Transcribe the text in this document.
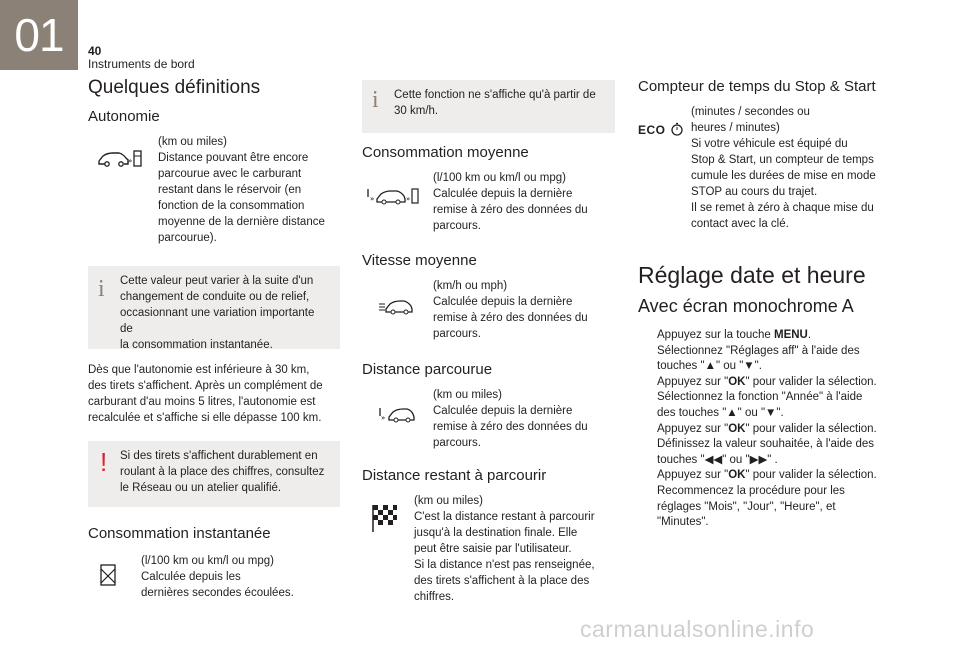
01	40
Instruments de bord
Quelques définitions
Autonomie
»

(km ou miles)
Distance pouvant être encore
parcourue avec le carburant
restant dans le réservoir (en
fonction de la consommation
moyenne de la dernière distance
parcourue).

i Cette valeur peut varier à la suite d'un
changement de conduite ou de relief,
occasionnant une variation importante de
la consommation instantanée.

Dès que l'autonomie est inférieure à 30 km,
des tirets s'affichent. Après un complément de
carburant d'au moins 5 litres, l'autonomie est
recalculée et s'affiche si elle dépasse 100 km.

! Si des tirets s'affichent durablement en
roulant à la place des chiffres, consultez
le Réseau ou un atelier qualifié.

Consommation instantanée

(l/100 km ou km/l ou mpg)
Calculée depuis les
dernières secondes écoulées.

i Cette fonction ne s'affiche qu'à partir de
30 km/h.

Consommation moyenne
»	»

(l/100 km ou km/l ou mpg)
Calculée depuis la dernière
remise à zéro des données du
parcours.

Vitesse moyenne

(km/h ou mph)
Calculée depuis la dernière
remise à zéro des données du
parcours.

Distance parcourue
»

(km ou miles)
Calculée depuis la dernière
remise à zéro des données du
parcours.

Distance restant à parcourir

(km ou miles)
C'est la distance restant à parcourir
jusqu'à la destination finale. Elle
peut être saisie par l'utilisateur.
Si la distance n'est pas renseignée,
des tirets s'affichent à la place des
chiffres.

Compteur de temps du Stop & Start
ECO

(minutes / secondes ou
heures / minutes)
Si votre véhicule est équipé du
Stop & Start, un compteur de temps
cumule les durées de mise en mode
STOP au cours du trajet.
Il se remet à zéro à chaque mise du
contact avec la clé.

Réglage date et heure
Avec écran monochrome A
Appuyez sur la touche MENU.
Sélectionnez "Réglages aff" à l'aide des
touches "▲" ou "▼".
Appuyez sur "OK" pour valider la sélection.
Sélectionnez la fonction "Année" à l'aide
des touches "▲" ou "▼".
Appuyez sur "OK" pour valider la sélection.
Définissez la valeur souhaitée, à l'aide des
touches "◀◀" ou "▶▶" .
Appuyez sur "OK" pour valider la sélection.
Recommencez la procédure pour les
réglages "Mois", "Jour", "Heure", et
"Minutes".
carmanualsonline.info
